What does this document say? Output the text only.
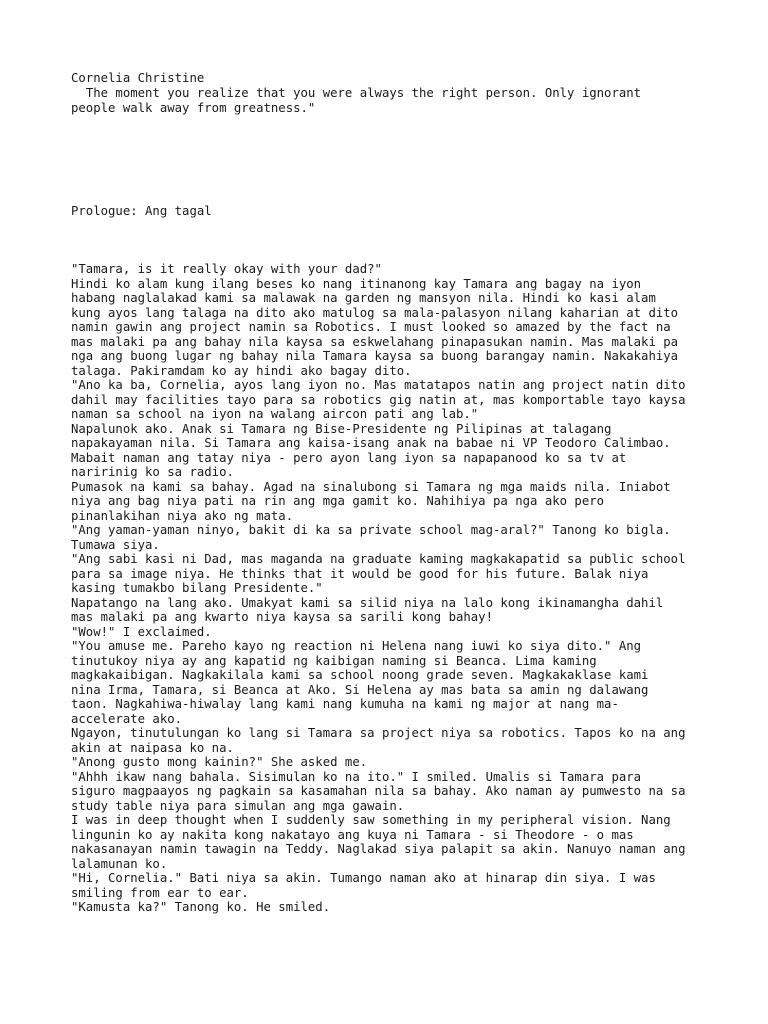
Cornelia Christine

The moment you realize that you were always the right person. Only ignorant
people walk away from greatness."

Prologue: Ang tagal

"Tamara, is it really okay with your dad?"
Hindi ko alam kung ilang beses ko nang itinanong kay Tamara ang bagay na iyon
habang naglalakad kami sa malawak na garden ng mansyon nila. Hindi ko kasi alam
kung ayos lang talaga na dito ako matulog sa mala-palasyon nilang kaharian at dito
namin gawin ang project namin sa Robotics. I must looked so amazed by the fact na
mas malaki pa ang bahay nila kaysa sa eskwelahang pinapasukan namin. Mas malaki pa
nga ang buong lugar ng bahay nila Tamara kaysa sa buong barangay namin. Nakakahiya
talaga. Pakiramdam ko ay hindi ako bagay dito.
"Ano ka ba, Cornelia, ayos lang iyon no. Mas matatapos natin ang project natin dito
dahil may facilities tayo para sa robotics gig natin at, mas komportable tayo kaysa
naman sa school na iyon na walang aircon pati ang lab."
Napalunok ako. Anak si Tamara ng Bise-Presidente ng Pilipinas at talagang
napakayaman nila. Si Tamara ang kaisa-isang anak na babae ni VP Teodoro Calimbao.
Mabait naman ang tatay niya - pero ayon lang iyon sa napapanood ko sa tv at
naririnig ko sa radio.
Pumasok na kami sa bahay. Agad na sinalubong si Tamara ng mga maids nila. Iniabot
niya ang bag niya pati na rin ang mga gamit ko. Nahihiya pa nga ako pero
pinanlakihan niya ako ng mata.
"Ang yaman-yaman ninyo, bakit di ka sa private school mag-aral?" Tanong ko bigla.
Tumawa siya.
"Ang sabi kasi ni Dad, mas maganda na graduate kaming magkakapatid sa public school
para sa image niya. He thinks that it would be good for his future. Balak niya
kasing tumakbo bilang Presidente."
Napatango na lang ako. Umakyat kami sa silid niya na lalo kong ikinamangha dahil
mas malaki pa ang kwarto niya kaysa sa sarili kong bahay!
"Wow!" I exclaimed.
"You amuse me. Pareho kayo ng reaction ni Helena nang iuwi ko siya dito." Ang
tinutukoy niya ay ang kapatid ng kaibigan naming si Beanca. Lima kaming
magkakaibigan. Nagkakilala kami sa school noong grade seven. Magkakaklase kami
nina Irma, Tamara, si Beanca at Ako. Si Helena ay mas bata sa amin ng dalawang
taon. Nagkahiwa-hiwalay lang kami nang kumuha na kami ng major at nang ma-
accelerate ako.
Ngayon, tinutulungan ko lang si Tamara sa project niya sa robotics. Tapos ko na ang
akin at naipasa ko na.
"Anong gusto mong kainin?" She asked me.
"Ahhh ikaw nang bahala. Sisimulan ko na ito." I smiled. Umalis si Tamara para
siguro magpaayos ng pagkain sa kasamahan nila sa bahay. Ako naman ay pumwesto na sa
study table niya para simulan ang mga gawain.
I was in deep thought when I suddenly saw something in my peripheral vision. Nang
lingunin ko ay nakita kong nakatayo ang kuya ni Tamara - si Theodore - o mas
nakasanayan namin tawagin na Teddy. Naglakad siya palapit sa akin. Nanuyo naman ang
lalamunan ko.
"Hi, Cornelia." Bati niya sa akin. Tumango naman ako at hinarap din siya. I was
smiling from ear to ear.
"Kamusta ka?" Tanong ko. He smiled.
